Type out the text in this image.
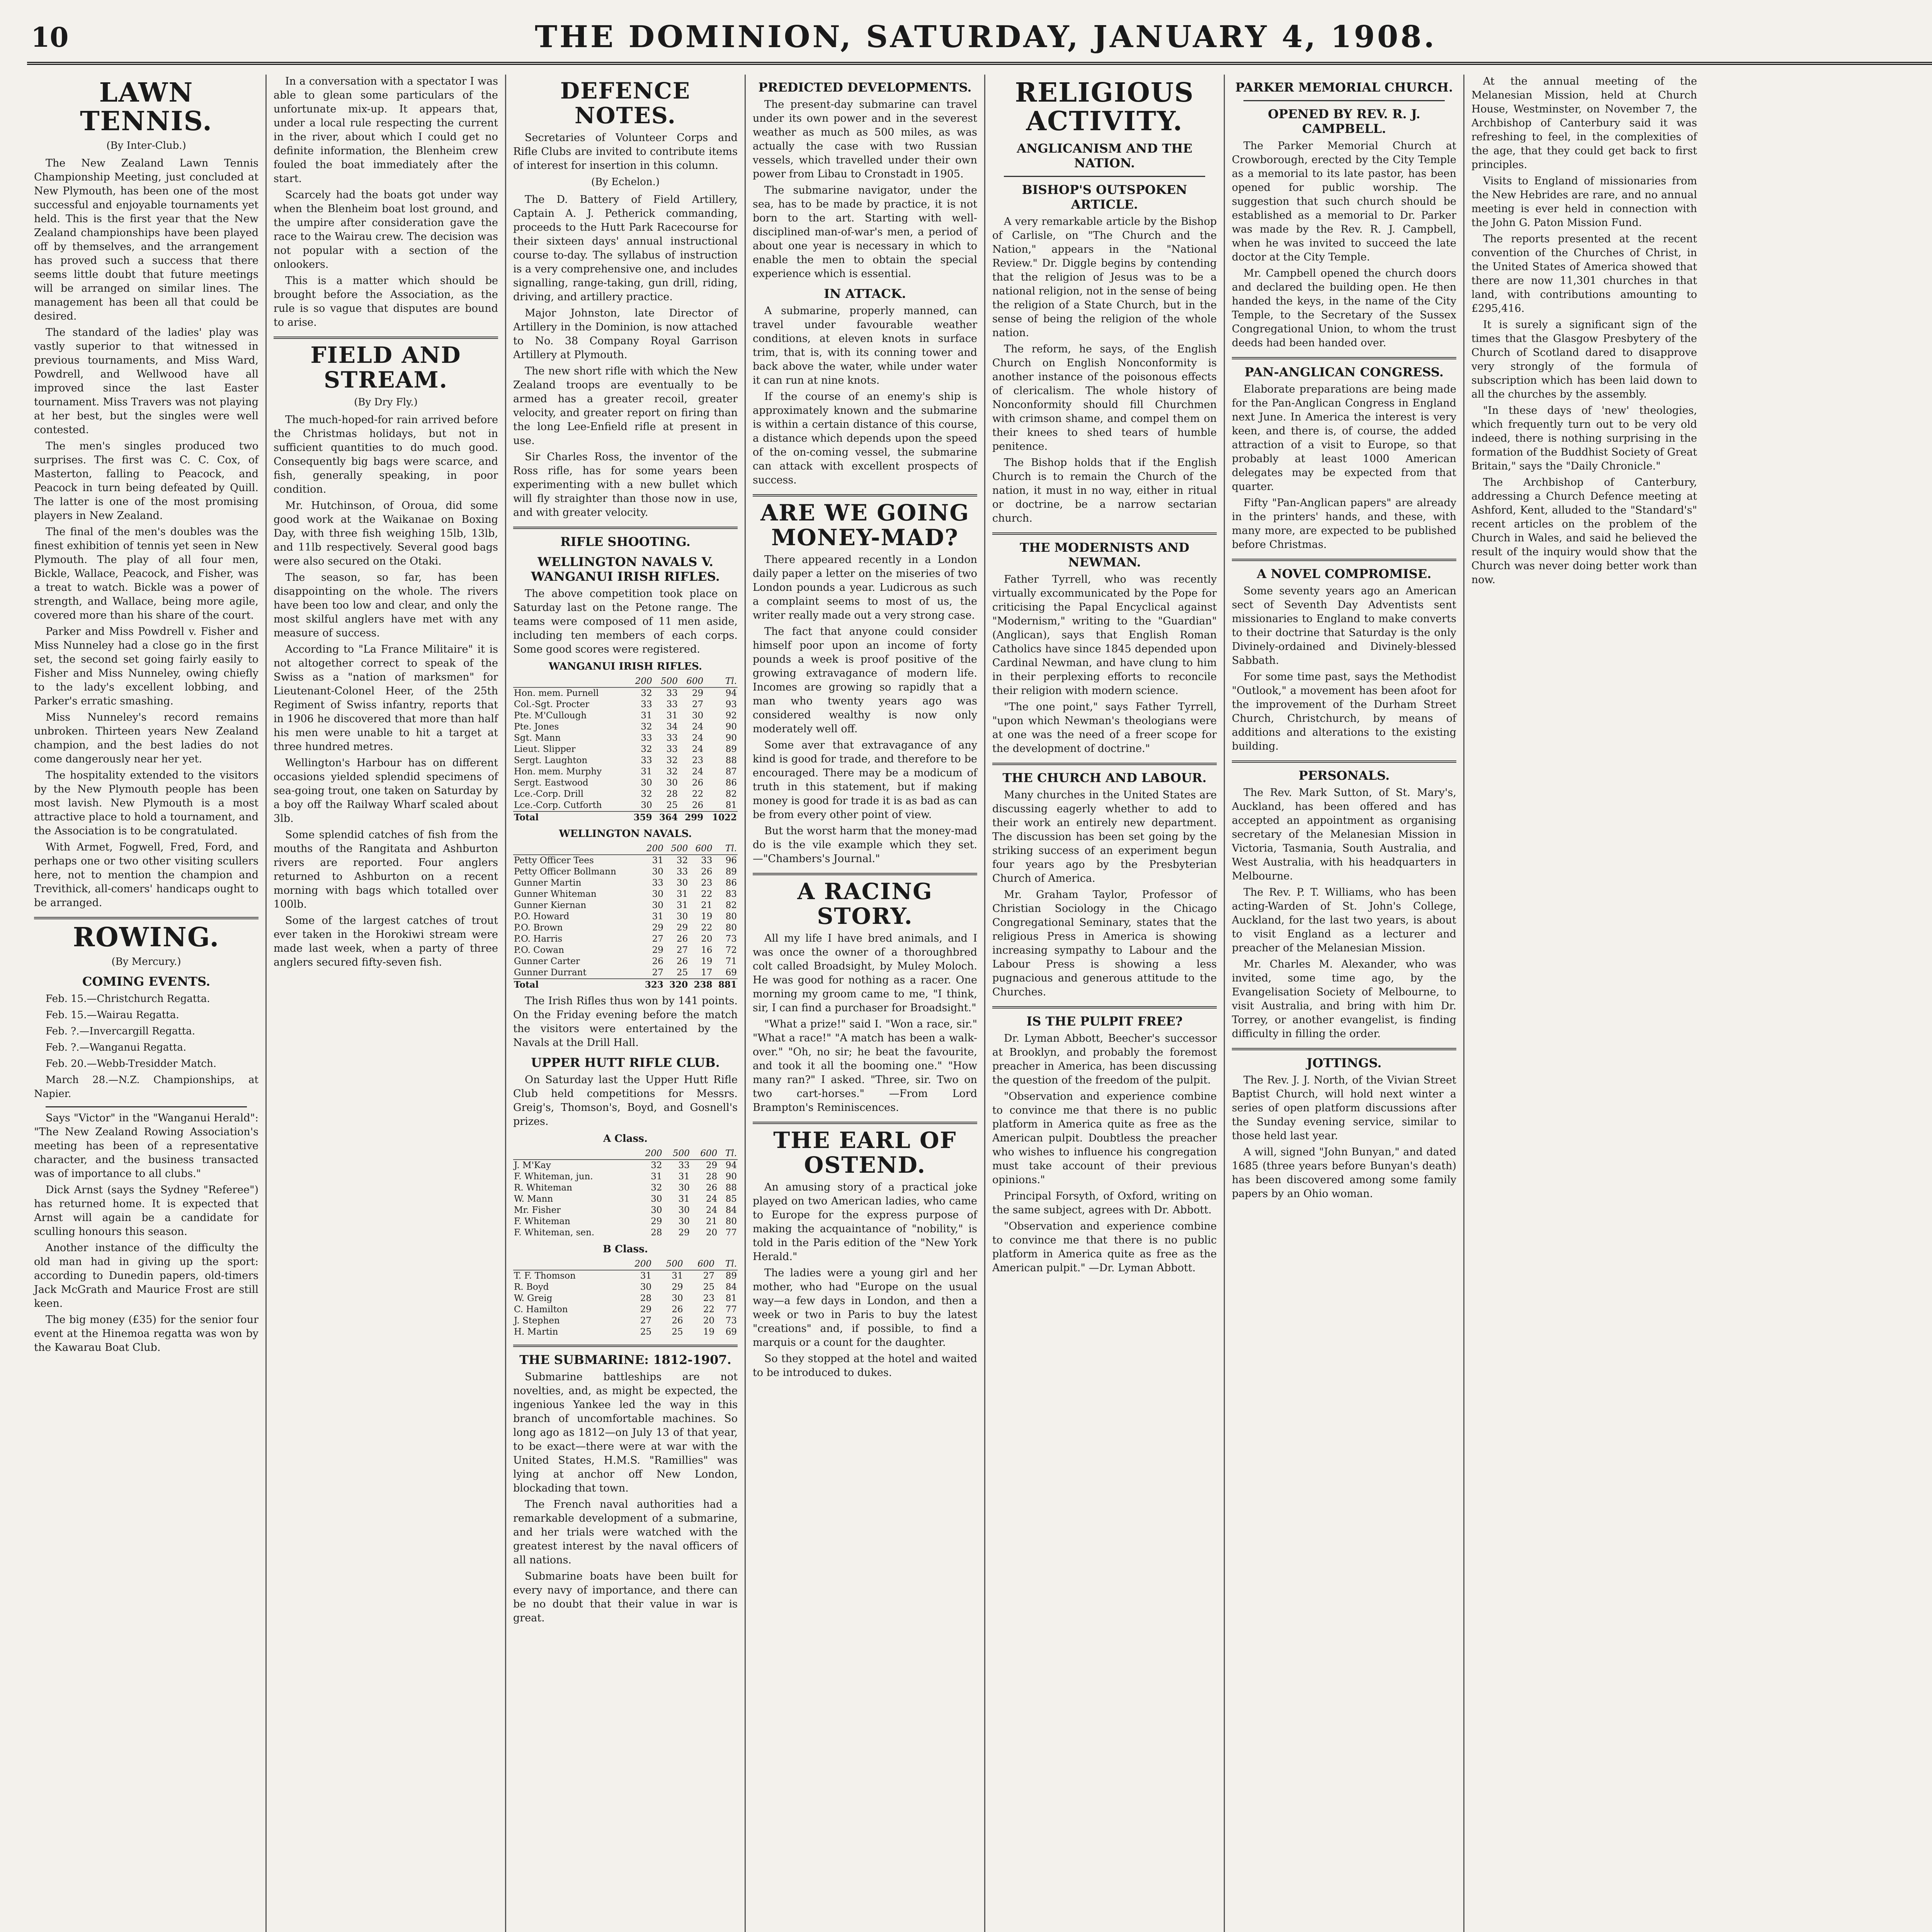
10	THE DOMINION, SATURDAY, JANUARY 4, 1908.
LAWN TENNIS.
(By Inter-Club.)

The New Zealand Lawn Tennis Championship Meeting, just concluded at New Plymouth, has been one of the most successful and enjoyable tournaments yet held. This is the first year that the New Zealand championships have been played off by themselves, and the arrangement has proved such a success that there seems little doubt that future meetings will be arranged on similar lines. The management has been all that could be desired.

The standard of the ladies' play was vastly superior to that witnessed in previous tournaments, and Miss Ward, Powdrell, and Wellwood have all improved since the last Easter tournament. Miss Travers was not playing at her best, but the singles were well contested.

The men's singles produced two surprises. The first was C. C. Cox, of Masterton, falling to Peacock, and Peacock in turn being defeated by Quill. The latter is one of the most promising players in New Zealand.

The final of the men's doubles was the finest exhibition of tennis yet seen in New Plymouth. The play of all four men, Bickle, Wallace, Peacock, and Fisher, was a treat to watch. Bickle was a power of strength, and Wallace, being more agile, covered more than his share of the court.

Parker and Miss Powdrell v. Fisher and Miss Nunneley had a close go in the first set, the second set going fairly easily to Fisher and Miss Nunneley, owing chiefly to the lady's excellent lobbing, and Parker's erratic smashing.

Miss Nunneley's record remains unbroken. Thirteen years New Zealand champion, and the best ladies do not come dangerously near her yet.

The hospitality extended to the visitors by the New Plymouth people has been most lavish. New Plymouth is a most attractive place to hold a tournament, and the Association is to be congratulated.

With Armet, Fogwell, Fred, Ford, and perhaps one or two other visiting scullers here, not to mention the champion and Trevithick, all-comers' handicaps ought to be arranged.

ROWING.
(By Mercury.)
COMING EVENTS.

Feb. 15.—Christchurch Regatta.

Feb. 15.—Wairau Regatta.

Feb. ?.—Invercargill Regatta.

Feb. ?.—Wanganui Regatta.

Feb. 20.—Webb-Tresidder Match.

March 28.—N.Z. Championships, at Napier.

Says "Victor" in the "Wanganui Herald": "The New Zealand Rowing Association's meeting has been of a representative character, and the business transacted was of importance to all clubs."

Dick Arnst (says the Sydney "Referee") has returned home. It is expected that Arnst will again be a candidate for sculling honours this season.

Another instance of the difficulty the old man had in giving up the sport: according to Dunedin papers, old-timers Jack McGrath and Maurice Frost are still keen.

The big money (£35) for the senior four event at the Hinemoa regatta was won by the Kawarau Boat Club.

In a conversation with a spectator I was able to glean some particulars of the unfortunate mix-up. It appears that, under a local rule respecting the current in the river, about which I could get no definite information, the Blenheim crew fouled the boat immediately after the start.

Scarcely had the boats got under way when the Blenheim boat lost ground, and the umpire after consideration gave the race to the Wairau crew. The decision was not popular with a section of the onlookers.

This is a matter which should be brought before the Association, as the rule is so vague that disputes are bound to arise.

FIELD AND STREAM.
(By Dry Fly.)

The much-hoped-for rain arrived before the Christmas holidays, but not in sufficient quantities to do much good. Consequently big bags were scarce, and fish, generally speaking, in poor condition.

Mr. Hutchinson, of Oroua, did some good work at the Waikanae on Boxing Day, with three fish weighing 15lb, 13lb, and 11lb respectively. Several good bags were also secured on the Otaki.

The season, so far, has been disappointing on the whole. The rivers have been too low and clear, and only the most skilful anglers have met with any measure of success.

According to "La France Militaire" it is not altogether correct to speak of the Swiss as a "nation of marksmen" for Lieutenant-Colonel Heer, of the 25th Regiment of Swiss infantry, reports that in 1906 he discovered that more than half his men were unable to hit a target at three hundred metres.

Wellington's Harbour has on different occasions yielded splendid specimens of sea-going trout, one taken on Saturday by a boy off the Railway Wharf scaled about 3lb.

Some splendid catches of fish from the mouths of the Rangitata and Ashburton rivers are reported. Four anglers returned to Ashburton on a recent morning with bags which totalled over 100lb.

Some of the largest catches of trout ever taken in the Horokiwi stream were made last week, when a party of three anglers secured fifty-seven fish.

DEFENCE NOTES.

Secretaries of Volunteer Corps and Rifle Clubs are invited to contribute items of interest for insertion in this column.

(By Echelon.)

The D. Battery of Field Artillery, Captain A. J. Petherick commanding, proceeds to the Hutt Park Racecourse for their sixteen days' annual instructional course to-day. The syllabus of instruction is a very comprehensive one, and includes signalling, range-taking, gun drill, riding, driving, and artillery practice.

Major Johnston, late Director of Artillery in the Dominion, is now attached to No. 38 Company Royal Garrison Artillery at Plymouth.

The new short rifle with which the New Zealand troops are eventually to be armed has a greater recoil, greater velocity, and greater report on firing than the long Lee-Enfield rifle at present in use.

Sir Charles Ross, the inventor of the Ross rifle, has for some years been experimenting with a new bullet which will fly straighter than those now in use, and with greater velocity.

RIFLE SHOOTING.
WELLINGTON NAVALS V. WANGANUI IRISH RIFLES.

The above competition took place on Saturday last on the Petone range. The teams were composed of 11 men aside, including ten members of each corps. Some good scores were registered.

WANGANUI IRISH RIFLES.
	200	500	600	Tl.
Hon. mem. Purnell	32	33	29	94
Col.-Sgt. Procter	33	33	27	93
Pte. M'Cullough	31	31	30	92
Pte. Jones	32	34	24	90
Sgt. Mann	33	33	24	90
Lieut. Slipper	32	33	24	89
Sergt. Laughton	33	32	23	88
Hon. mem. Murphy	31	32	24	87
Sergt. Eastwood	30	30	26	86
Lce.-Corp. Drill	32	28	22	82
Lce.-Corp. Cutforth	30	25	26	81
Total	359	364	299	1022
WELLINGTON NAVALS.
	200	500	600	Tl.
Petty Officer Tees	31	32	33	96
Petty Officer Bollmann	30	33	26	89
Gunner Martin	33	30	23	86
Gunner Whiteman	30	31	22	83
Gunner Kiernan	30	31	21	82
P.O. Howard	31	30	19	80
P.O. Brown	29	29	22	80
P.O. Harris	27	26	20	73
P.O. Cowan	29	27	16	72
Gunner Carter	26	26	19	71
Gunner Durrant	27	25	17	69
Total	323	320	238	881

The Irish Rifles thus won by 141 points. On the Friday evening before the match the visitors were entertained by the Navals at the Drill Hall.

UPPER HUTT RIFLE CLUB.

On Saturday last the Upper Hutt Rifle Club held competitions for Messrs. Greig's, Thomson's, Boyd, and Gosnell's prizes.

A Class.
	200	500	600	Tl.
J. M'Kay	32	33	29	94
F. Whiteman, jun.	31	31	28	90
R. Whiteman	32	30	26	88
W. Mann	30	31	24	85
Mr. Fisher	30	30	24	84
F. Whiteman	29	30	21	80
F. Whiteman, sen.	28	29	20	77
B Class.
	200	500	600	Tl.
T. F. Thomson	31	31	27	89
R. Boyd	30	29	25	84
W. Greig	28	30	23	81
C. Hamilton	29	26	22	77
J. Stephen	27	26	20	73
H. Martin	25	25	19	69
THE SUBMARINE: 1812-1907.

Submarine battleships are not novelties, and, as might be expected, the ingenious Yankee led the way in this branch of uncomfortable machines. So long ago as 1812—on July 13 of that year, to be exact—there were at war with the United States, H.M.S. "Ramillies" was lying at anchor off New London, blockading that town.

The French naval authorities had a remarkable development of a submarine, and her trials were watched with the greatest interest by the naval officers of all nations.

Submarine boats have been built for every navy of importance, and there can be no doubt that their value in war is great.

PREDICTED DEVELOPMENTS.

The present-day submarine can travel under its own power and in the severest weather as much as 500 miles, as was actually the case with two Russian vessels, which travelled under their own power from Libau to Cronstadt in 1905.

The submarine navigator, under the sea, has to be made by practice, it is not born to the art. Starting with well-disciplined man-of-war's men, a period of about one year is necessary in which to enable the men to obtain the special experience which is essential.

IN ATTACK.

A submarine, properly manned, can travel under favourable weather conditions, at eleven knots in surface trim, that is, with its conning tower and back above the water, while under water it can run at nine knots.

If the course of an enemy's ship is approximately known and the submarine is within a certain distance of this course, a distance which depends upon the speed of the on-coming vessel, the submarine can attack with excellent prospects of success.

ARE WE GOING MONEY-MAD?

There appeared recently in a London daily paper a letter on the miseries of two London pounds a year. Ludicrous as such a complaint seems to most of us, the writer really made out a very strong case.

The fact that anyone could consider himself poor upon an income of forty pounds a week is proof positive of the growing extravagance of modern life. Incomes are growing so rapidly that a man who twenty years ago was considered wealthy is now only moderately well off.

Some aver that extravagance of any kind is good for trade, and therefore to be encouraged. There may be a modicum of truth in this statement, but if making money is good for trade it is as bad as can be from every other point of view.

But the worst harm that the money-mad do is the vile example which they set. —"Chambers's Journal."

A RACING STORY.

All my life I have bred animals, and I was once the owner of a thoroughbred colt called Broadsight, by Muley Moloch. He was good for nothing as a racer. One morning my groom came to me, "I think, sir, I can find a purchaser for Broadsight."

"What a prize!" said I. "Won a race, sir." "What a race!" "A match has been a walk-over." "Oh, no sir; he beat the favourite, and took it all the booming one." "How many ran?" I asked. "Three, sir. Two on two cart-horses." —From Lord Brampton's Reminiscences.

THE EARL OF OSTEND.

An amusing story of a practical joke played on two American ladies, who came to Europe for the express purpose of making the acquaintance of "nobility," is told in the Paris edition of the "New York Herald."

The ladies were a young girl and her mother, who had "Europe on the usual way—a few days in London, and then a week or two in Paris to buy the latest "creations" and, if possible, to find a marquis or a count for the daughter.

So they stopped at the hotel and waited to be introduced to dukes.

RELIGIOUS ACTIVITY.
ANGLICANISM AND THE NATION.
BISHOP'S OUTSPOKEN ARTICLE.

A very remarkable article by the Bishop of Carlisle, on "The Church and the Nation," appears in the "National Review." Dr. Diggle begins by contending that the religion of Jesus was to be a national religion, not in the sense of being the religion of a State Church, but in the sense of being the religion of the whole nation.

The reform, he says, of the English Church on English Nonconformity is another instance of the poisonous effects of clericalism. The whole history of Nonconformity should fill Churchmen with crimson shame, and compel them on their knees to shed tears of humble penitence.

The Bishop holds that if the English Church is to remain the Church of the nation, it must in no way, either in ritual or doctrine, be a narrow sectarian church.

THE MODERNISTS AND NEWMAN.

Father Tyrrell, who was recently virtually excommunicated by the Pope for criticising the Papal Encyclical against "Modernism," writing to the "Guardian" (Anglican), says that English Roman Catholics have since 1845 depended upon Cardinal Newman, and have clung to him in their perplexing efforts to reconcile their religion with modern science.

"The one point," says Father Tyrrell, "upon which Newman's theologians were at one was the need of a freer scope for the development of doctrine."

THE CHURCH AND LABOUR.

Many churches in the United States are discussing eagerly whether to add to their work an entirely new department. The discussion has been set going by the striking success of an experiment begun four years ago by the Presbyterian Church of America.

Mr. Graham Taylor, Professor of Christian Sociology in the Chicago Congregational Seminary, states that the religious Press in America is showing increasing sympathy to Labour and the Labour Press is showing a less pugnacious and generous attitude to the Churches.

IS THE PULPIT FREE?

Dr. Lyman Abbott, Beecher's successor at Brooklyn, and probably the foremost preacher in America, has been discussing the question of the freedom of the pulpit.

"Observation and experience combine to convince me that there is no public platform in America quite as free as the American pulpit. Doubtless the preacher who wishes to influence his congregation must take account of their previous opinions."

Principal Forsyth, of Oxford, writing on the same subject, agrees with Dr. Abbott.

"Observation and experience combine to convince me that there is no public platform in America quite as free as the American pulpit." —Dr. Lyman Abbott.

PARKER MEMORIAL CHURCH.
OPENED BY REV. R. J. CAMPBELL.

The Parker Memorial Church at Crowborough, erected by the City Temple as a memorial to its late pastor, has been opened for public worship. The suggestion that such church should be established as a memorial to Dr. Parker was made by the Rev. R. J. Campbell, when he was invited to succeed the late doctor at the City Temple.

Mr. Campbell opened the church doors and declared the building open. He then handed the keys, in the name of the City Temple, to the Secretary of the Sussex Congregational Union, to whom the trust deeds had been handed over.

PAN-ANGLICAN CONGRESS.

Elaborate preparations are being made for the Pan-Anglican Congress in England next June. In America the interest is very keen, and there is, of course, the added attraction of a visit to Europe, so that probably at least 1000 American delegates may be expected from that quarter.

Fifty "Pan-Anglican papers" are already in the printers' hands, and these, with many more, are expected to be published before Christmas.

A NOVEL COMPROMISE.

Some seventy years ago an American sect of Seventh Day Adventists sent missionaries to England to make converts to their doctrine that Saturday is the only Divinely-ordained and Divinely-blessed Sabbath.

For some time past, says the Methodist "Outlook," a movement has been afoot for the improvement of the Durham Street Church, Christchurch, by means of additions and alterations to the existing building.

PERSONALS.

The Rev. Mark Sutton, of St. Mary's, Auckland, has been offered and has accepted an appointment as organising secretary of the Melanesian Mission in Victoria, Tasmania, South Australia, and West Australia, with his headquarters in Melbourne.

The Rev. P. T. Williams, who has been acting-Warden of St. John's College, Auckland, for the last two years, is about to visit England as a lecturer and preacher of the Melanesian Mission.

Mr. Charles M. Alexander, who was invited, some time ago, by the Evangelisation Society of Melbourne, to visit Australia, and bring with him Dr. Torrey, or another evangelist, is finding difficulty in filling the order.

JOTTINGS.

The Rev. J. J. North, of the Vivian Street Baptist Church, will hold next winter a series of open platform discussions after the Sunday evening service, similar to those held last year.

A will, signed "John Bunyan," and dated 1685 (three years before Bunyan's death) has been discovered among some family papers by an Ohio woman.

At the annual meeting of the Melanesian Mission, held at Church House, Westminster, on November 7, the Archbishop of Canterbury said it was refreshing to feel, in the complexities of the age, that they could get back to first principles.

Visits to England of missionaries from the New Hebrides are rare, and no annual meeting is ever held in connection with the John G. Paton Mission Fund.

The reports presented at the recent convention of the Churches of Christ, in the United States of America showed that there are now 11,301 churches in that land, with contributions amounting to £295,416.

It is surely a significant sign of the times that the Glasgow Presbytery of the Church of Scotland dared to disapprove very strongly of the formula of subscription which has been laid down to all the churches by the assembly.

"In these days of 'new' theologies, which frequently turn out to be very old indeed, there is nothing surprising in the formation of the Buddhist Society of Great Britain," says the "Daily Chronicle."

The Archbishop of Canterbury, addressing a Church Defence meeting at Ashford, Kent, alluded to the "Standard's" recent articles on the problem of the Church in Wales, and said he believed the result of the inquiry would show that the Church was never doing better work than now.
